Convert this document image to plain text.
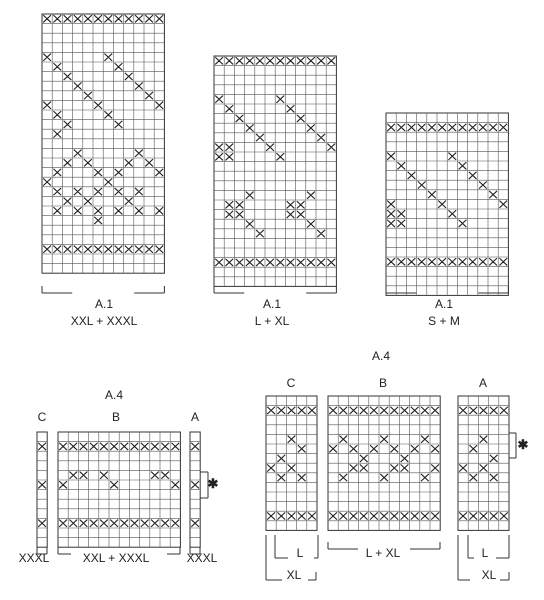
A.1
XXL + XXXL
A.1
L + XL
A.1
S + M
A.4
C	B	A
XXXL	XXL + XXXL	XXXL
A.4
C	B	A
L
XL
L + XL	L
XL
✱
✱
